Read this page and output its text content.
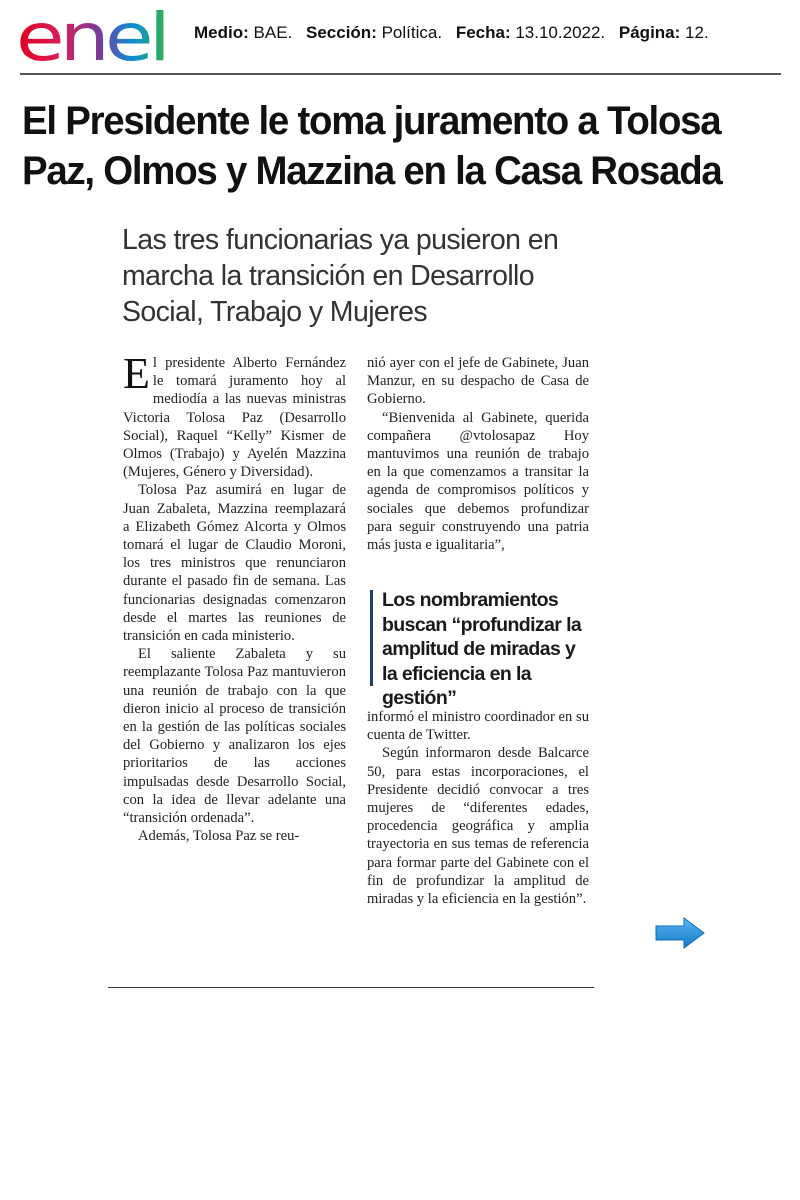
enel Medio: BAE. Sección: Política. Fecha: 13.10.2022. Página: 12.
El Presidente le toma juramento a Tolosa Paz, Olmos y Mazzina en la Casa Rosada
Las tres funcionarias ya pusieron en marcha la transición en Desarrollo Social, Trabajo y Mujeres

El presidente Alberto Fernández le tomará juramento hoy al mediodía a las nuevas ministras Victoria Tolosa Paz (Desarrollo Social), Raquel “Kelly” Kismer de Olmos (Trabajo) y Ayelén Mazzina (Mujeres, Género y Diversidad).

Tolosa Paz asumirá en lugar de Juan Zabaleta, Mazzina reemplazará a Elizabeth Gómez Alcorta y Olmos tomará el lugar de Claudio Moroni, los tres ministros que renunciaron durante el pasado fin de semana. Las funcionarias designadas comenzaron desde el martes las reuniones de transición en cada ministerio.

El saliente Zabaleta y su reemplazante Tolosa Paz mantuvieron una reunión de trabajo con la que dieron inicio al proceso de transición en la gestión de las políticas sociales del Gobierno y analizaron los ejes prioritarios de las acciones impulsadas desde Desarrollo Social, con la idea de llevar adelante una “transición ordenada”.

Además, Tolosa Paz se reu-

nió ayer con el jefe de Gabinete, Juan Manzur, en su despacho de Casa de Gobierno.

“Bienvenida al Gabinete, querida compañera @vtolosapaz Hoy mantuvimos una reunión de trabajo en la que comenzamos a transitar la agenda de compromisos políticos y sociales que debemos profundizar para seguir construyendo una patria más justa e igualitaria”,

Los nombramientos buscan “profundizar la amplitud de miradas y la eficiencia en la gestión”

informó el ministro coordinador en su cuenta de Twitter.

Según informaron desde Balcarce 50, para estas incorporaciones, el Presidente decidió convocar a tres mujeres de “diferentes edades, procedencia geográfica y amplia trayectoria en sus temas de referencia para formar parte del Gabinete con el fin de profundizar la amplitud de miradas y la eficiencia en la gestión”.
